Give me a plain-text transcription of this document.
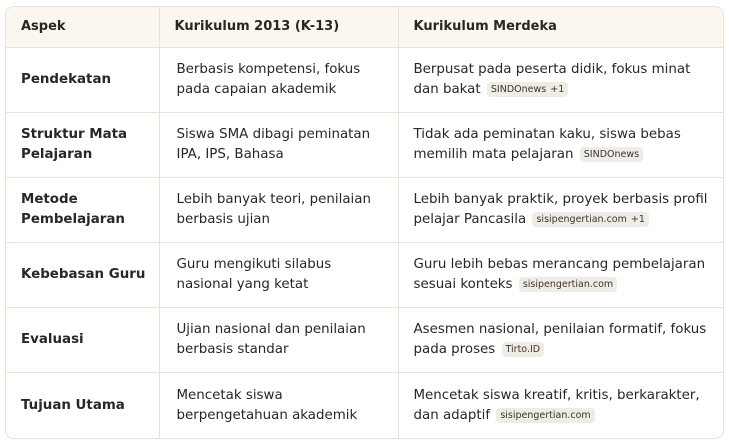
Aspek	Kurikulum 2013 (K-13)	Kurikulum Merdeka
Pendekatan	Berbasis kompetensi, fokus pada capaian akademik	Berpusat pada peserta didik, fokus minat dan bakat SINDOnews +1
Struktur Mata Pelajaran	Siswa SMA dibagi peminatan IPA, IPS, Bahasa	Tidak ada peminatan kaku, siswa bebas memilih mata pelajaran SINDOnews
Metode Pembelajaran	Lebih banyak teori, penilaian berbasis ujian	Lebih banyak praktik, proyek berbasis profil pelajar Pancasila sisipengertian.com +1
Kebebasan Guru	Guru mengikuti silabus nasional yang ketat	Guru lebih bebas merancang pembelajaran sesuai konteks sisipengertian.com
Evaluasi	Ujian nasional dan penilaian berbasis standar	Asesmen nasional, penilaian formatif, fokus pada proses Tirto.ID
Tujuan Utama	Mencetak siswa berpengetahuan akademik	Mencetak siswa kreatif, kritis, berkarakter, dan adaptif sisipengertian.com
